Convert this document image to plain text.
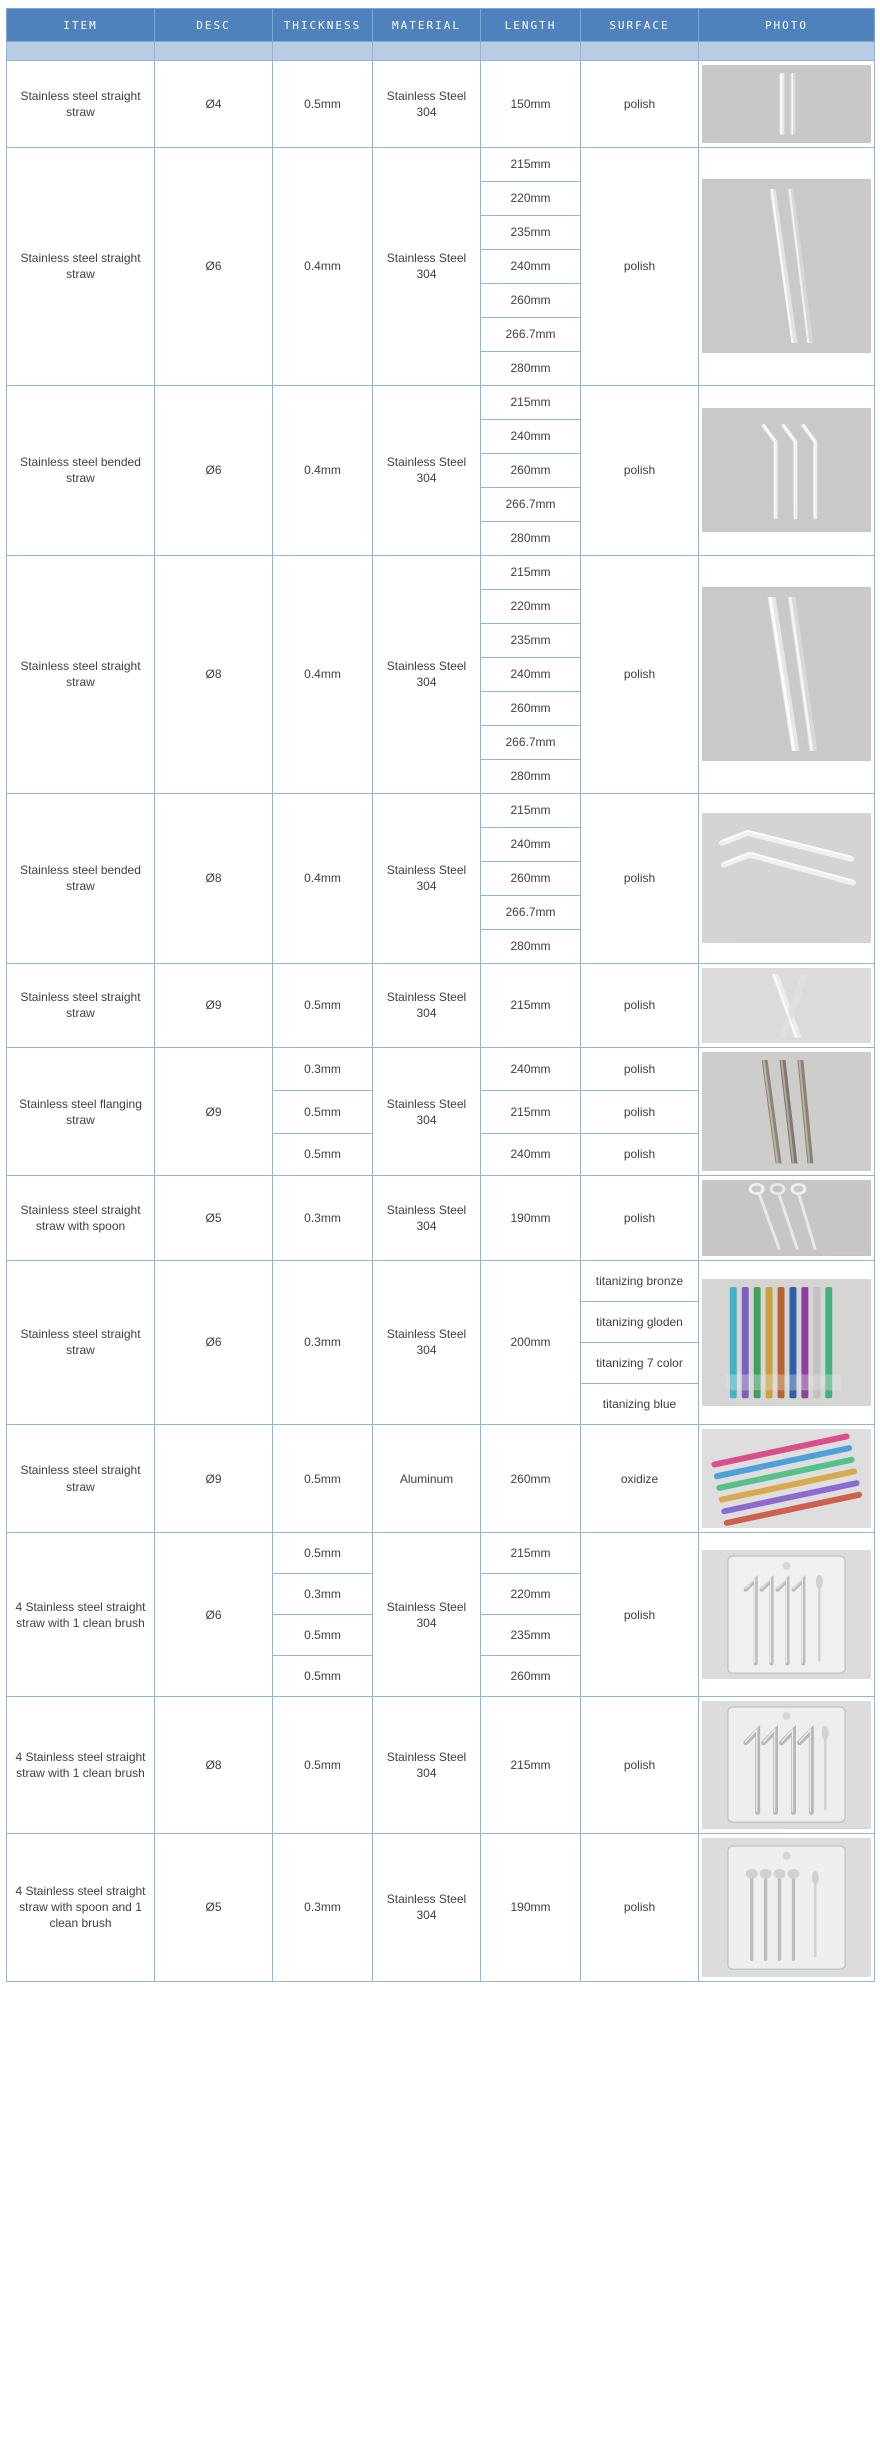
ITEM	DESC	THICKNESS	MATERIAL	LENGTH	SURFACE	PHOTO

Stainless steel straight straw	Ø4	0.5mm	Stainless Steel 304	150mm	polish	

Stainless steel straight straw	Ø6	0.4mm	Stainless Steel 304	215mm	polish	

				220mm		
				235mm		
				240mm		
				260mm		
				266.7mm		
				280mm		
Stainless steel bended straw	Ø6	0.4mm	Stainless Steel 304	215mm	polish	

				240mm		
				260mm		
				266.7mm		
				280mm		
Stainless steel straight straw	Ø8	0.4mm	Stainless Steel 304	215mm	polish	

				220mm		
				235mm		
				240mm		
				260mm		
				266.7mm		
				280mm		
Stainless steel bended straw	Ø8	0.4mm	Stainless Steel 304	215mm	polish	

				240mm		
				260mm		
				266.7mm		
				280mm		
Stainless steel straight straw	Ø9	0.5mm	Stainless Steel 304	215mm	polish	

Stainless steel flanging straw	Ø9	0.3mm	Stainless Steel 304	240mm	polish	

		0.5mm		215mm	polish	
		0.5mm		240mm	polish	
Stainless steel straight straw with spoon	Ø5	0.3mm	Stainless Steel 304	190mm	polish	

Stainless steel straight straw	Ø6	0.3mm	Stainless Steel 304	200mm	titanizing bronze	

					titanizing gloden	
					titanizing 7 color	
					titanizing blue	
Stainless steel straight straw	Ø9	0.5mm	Aluminum	260mm	oxidize	

4 Stainless steel straight straw with 1 clean brush	Ø6	0.5mm	Stainless Steel 304	215mm	polish	

		0.3mm		220mm		
		0.5mm		235mm		
		0.5mm		260mm		
4 Stainless steel straight straw with 1 clean brush	Ø8	0.5mm	Stainless Steel 304	215mm	polish	

4 Stainless steel straight straw with spoon and 1 clean brush	Ø5	0.3mm	Stainless Steel 304	190mm	polish	
